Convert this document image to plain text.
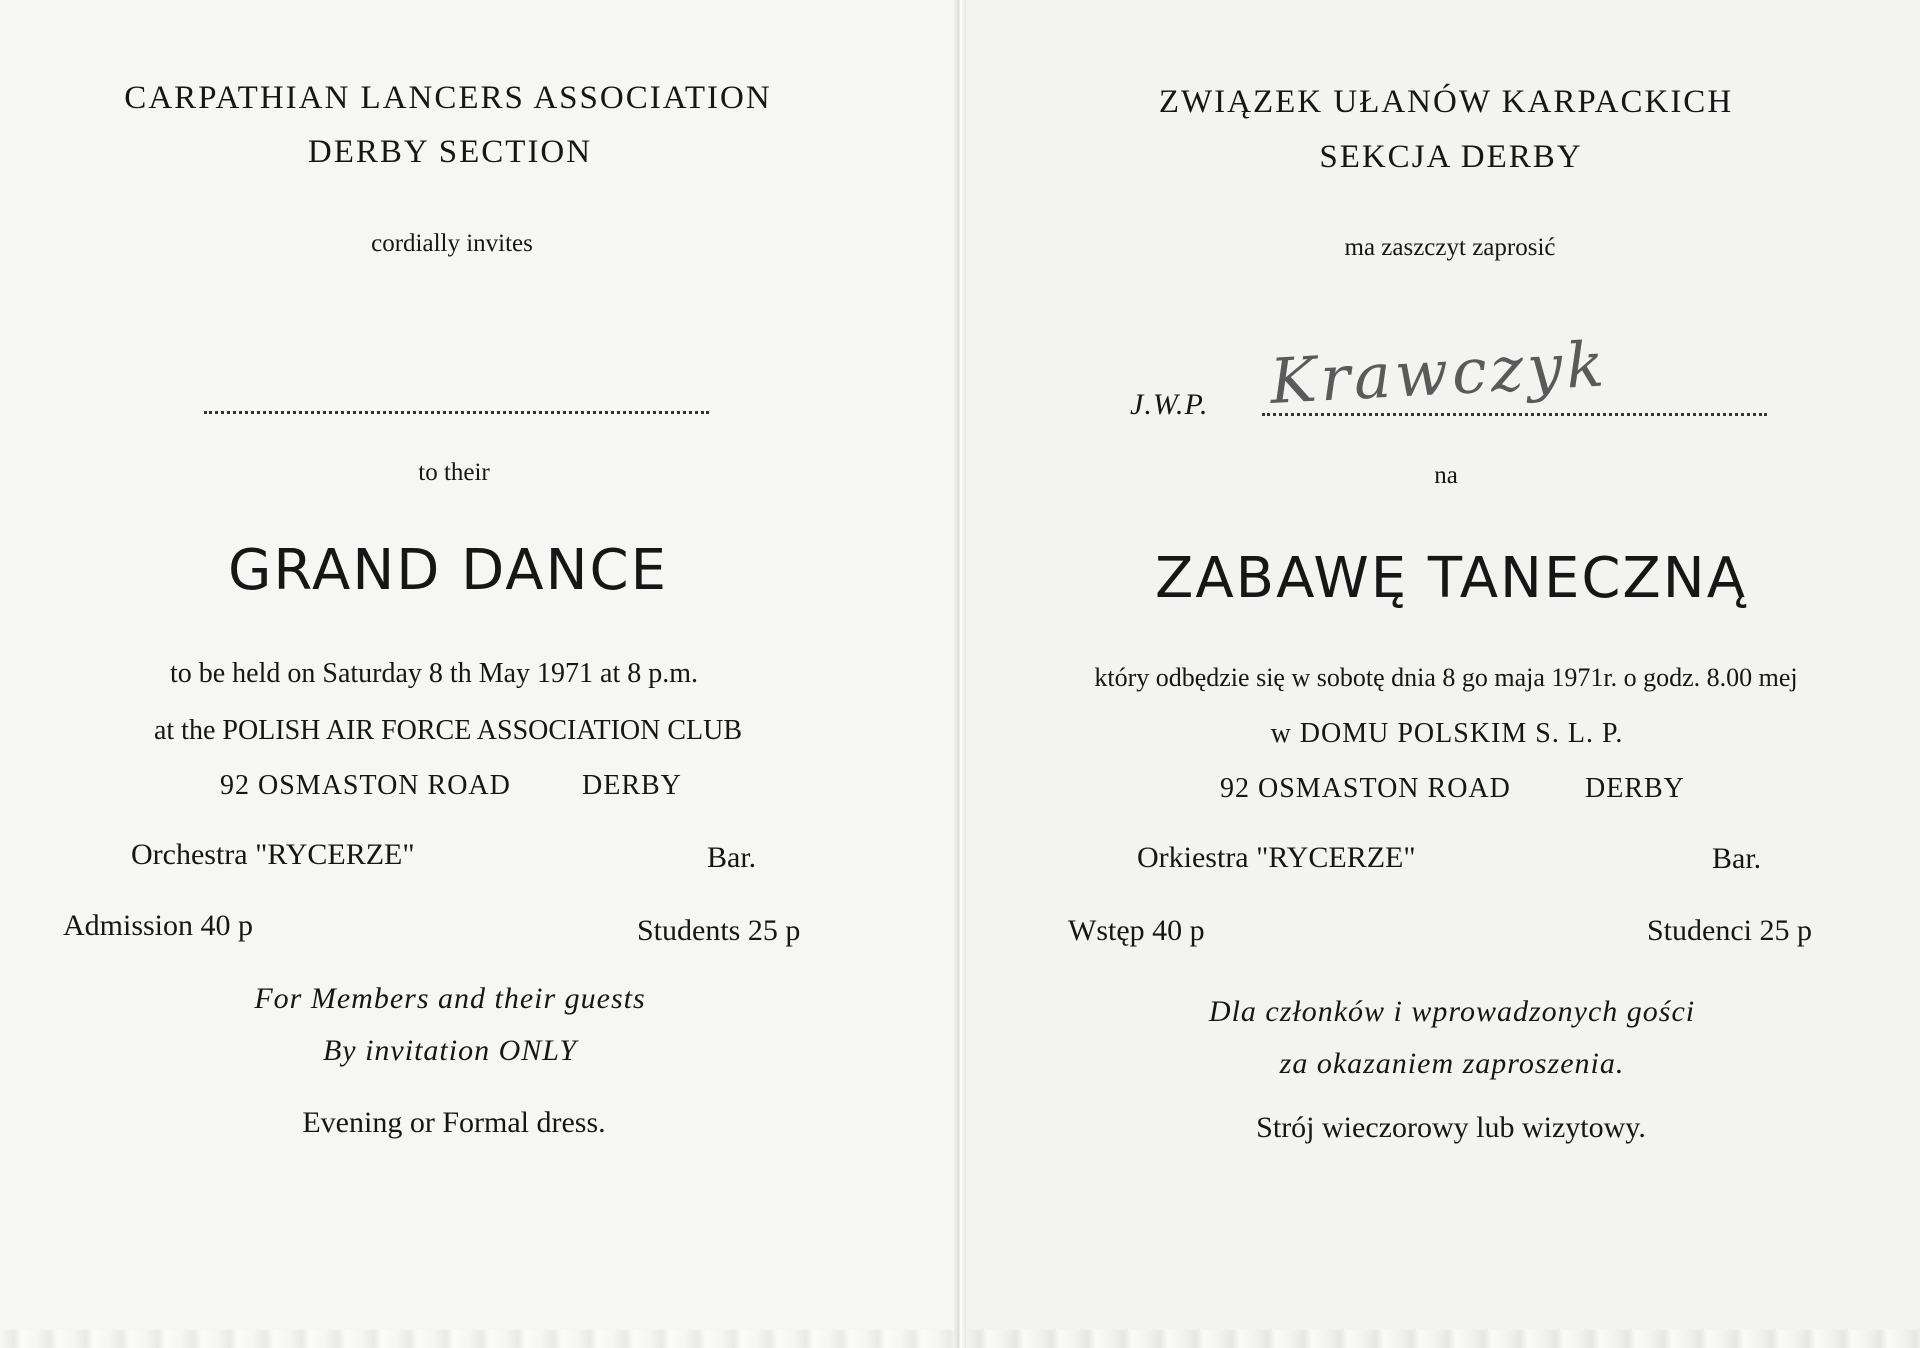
CARPATHIAN LANCERS ASSOCIATION
DERBY SECTION
cordially invites
to their
GRAND DANCE
to be held on Saturday 8 th May 1971 at 8 p.m.
at the POLISH AIR FORCE ASSOCIATION CLUB
92 OSMASTON ROAD	DERBY
Orchestra "RYCERZE"	Bar.
Admission 40 p	Students 25 p
For Members and their guests
By invitation ONLY
Evening or Formal dress.
ZWIĄZEK UŁANÓW KARPACKICH
SEKCJA DERBY
ma zaszczyt zaprosić
J.W.P. Krawczyk
na
ZABAWĘ TANECZNĄ
który odbędzie się w sobotę dnia 8 go maja 1971r. o godz. 8.00 mej
w DOMU POLSKIM S. L. P.
92 OSMASTON ROAD	DERBY
Orkiestra "RYCERZE"	Bar.
Wstęp 40 p	Studenci 25 p
Dla członków i wprowadzonych gości
za okazaniem zaproszenia.
Strój wieczorowy lub wizytowy.
